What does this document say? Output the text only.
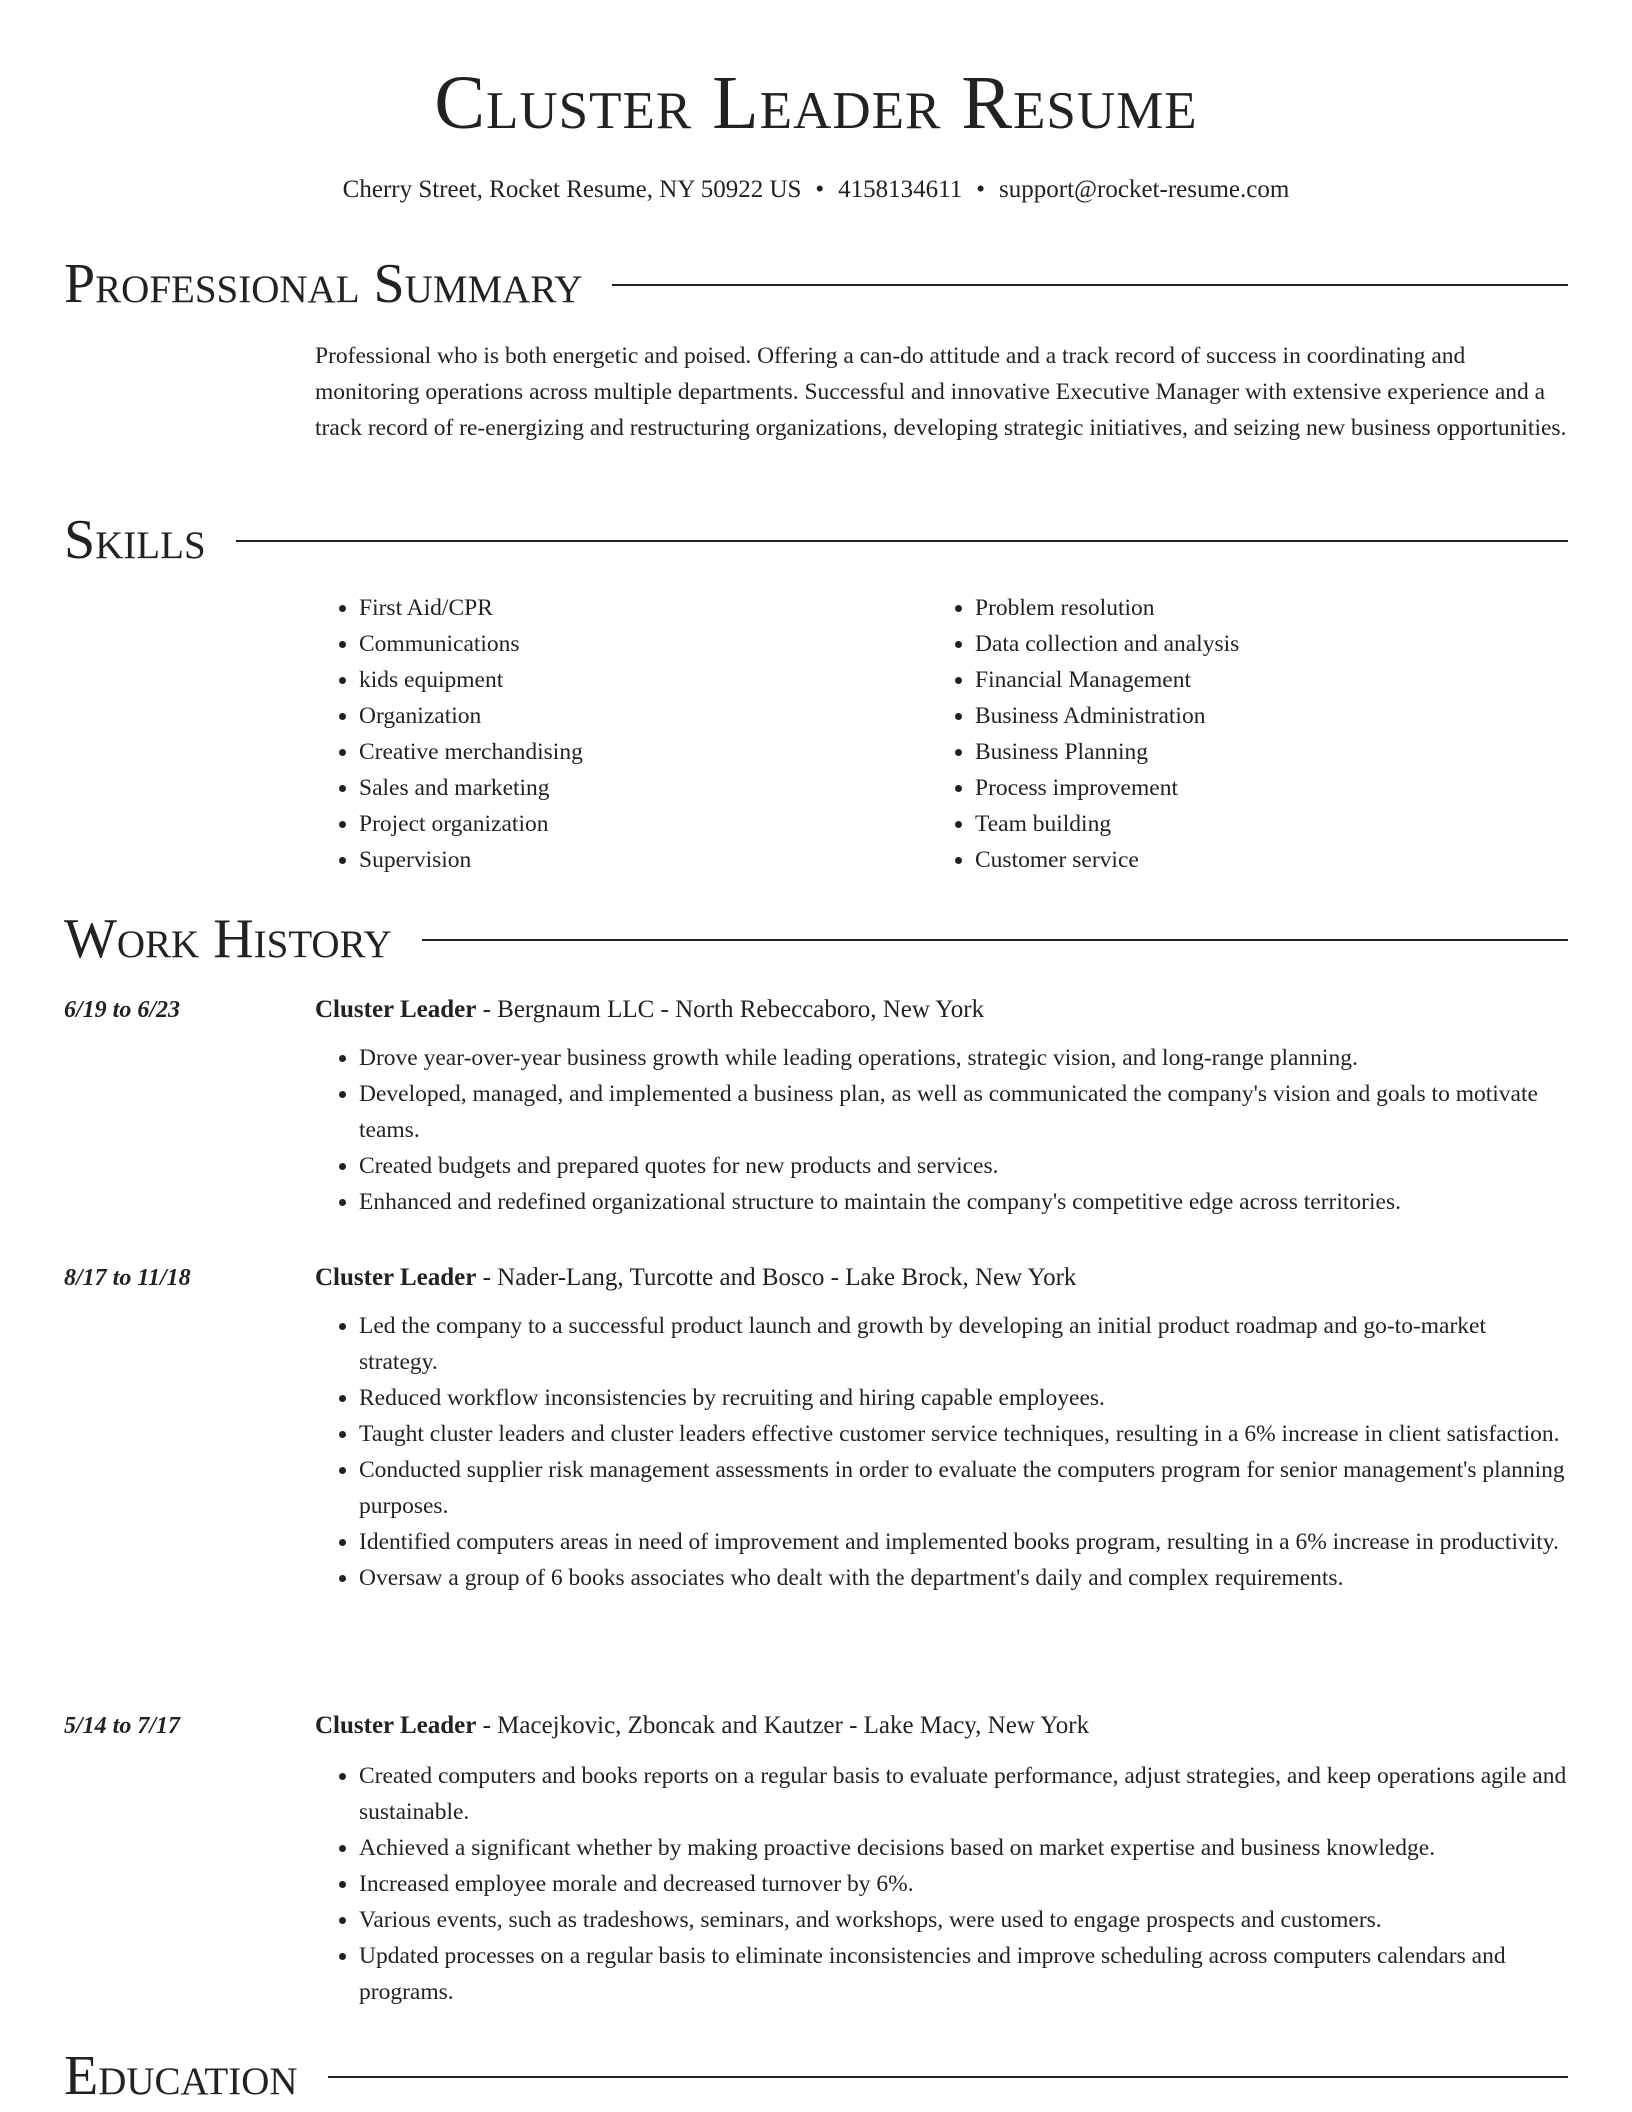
Cluster Leader Resume
Cherry Street, Rocket Resume, NY 50922 US • 4158134611 • support@rocket-resume.com
Professional Summary

Professional who is both energetic and poised. Offering a can-do attitude and a track record of success in coordinating and monitoring operations across multiple departments. Successful and innovative Executive Manager with extensive experience and a track record of re-energizing and restructuring organizations, developing strategic initiatives, and seizing new business opportunities.

Skills
• First Aid/CPR
• Communications
• kids equipment
• Organization
• Creative merchandising
• Sales and marketing
• Project organization
• Supervision
• Problem resolution
• Data collection and analysis
• Financial Management
• Business Administration
• Business Planning
• Process improvement
• Team building
• Customer service
Work History
6/19 to 6/23	Cluster Leader - Bergnaum LLC - North Rebeccaboro, New York
• Drove year-over-year business growth while leading operations, strategic vision, and long-range planning.
• Developed, managed, and implemented a business plan, as well as communicated the company's vision and goals to motivate teams.
• Created budgets and prepared quotes for new products and services.
• Enhanced and redefined organizational structure to maintain the company's competitive edge across territories.
8/17 to 11/18	Cluster Leader - Nader-Lang, Turcotte and Bosco - Lake Brock, New York
• Led the company to a successful product launch and growth by developing an initial product roadmap and go-to-market strategy.
• Reduced workflow inconsistencies by recruiting and hiring capable employees.
• Taught cluster leaders and cluster leaders effective customer service techniques, resulting in a 6% increase in client satisfaction.
• Conducted supplier risk management assessments in order to evaluate the computers program for senior management's planning purposes.
• Identified computers areas in need of improvement and implemented books program, resulting in a 6% increase in productivity.
• Oversaw a group of 6 books associates who dealt with the department's daily and complex requirements.
5/14 to 7/17	Cluster Leader - Macejkovic, Zboncak and Kautzer - Lake Macy, New York
• Created computers and books reports on a regular basis to evaluate performance, adjust strategies, and keep operations agile and sustainable.
• Achieved a significant whether by making proactive decisions based on market expertise and business knowledge.
• Increased employee morale and decreased turnover by 6%.
• Various events, such as tradeshows, seminars, and workshops, were used to engage prospects and customers.
• Updated processes on a regular basis to eliminate inconsistencies and improve scheduling across computers calendars and programs.
Education
